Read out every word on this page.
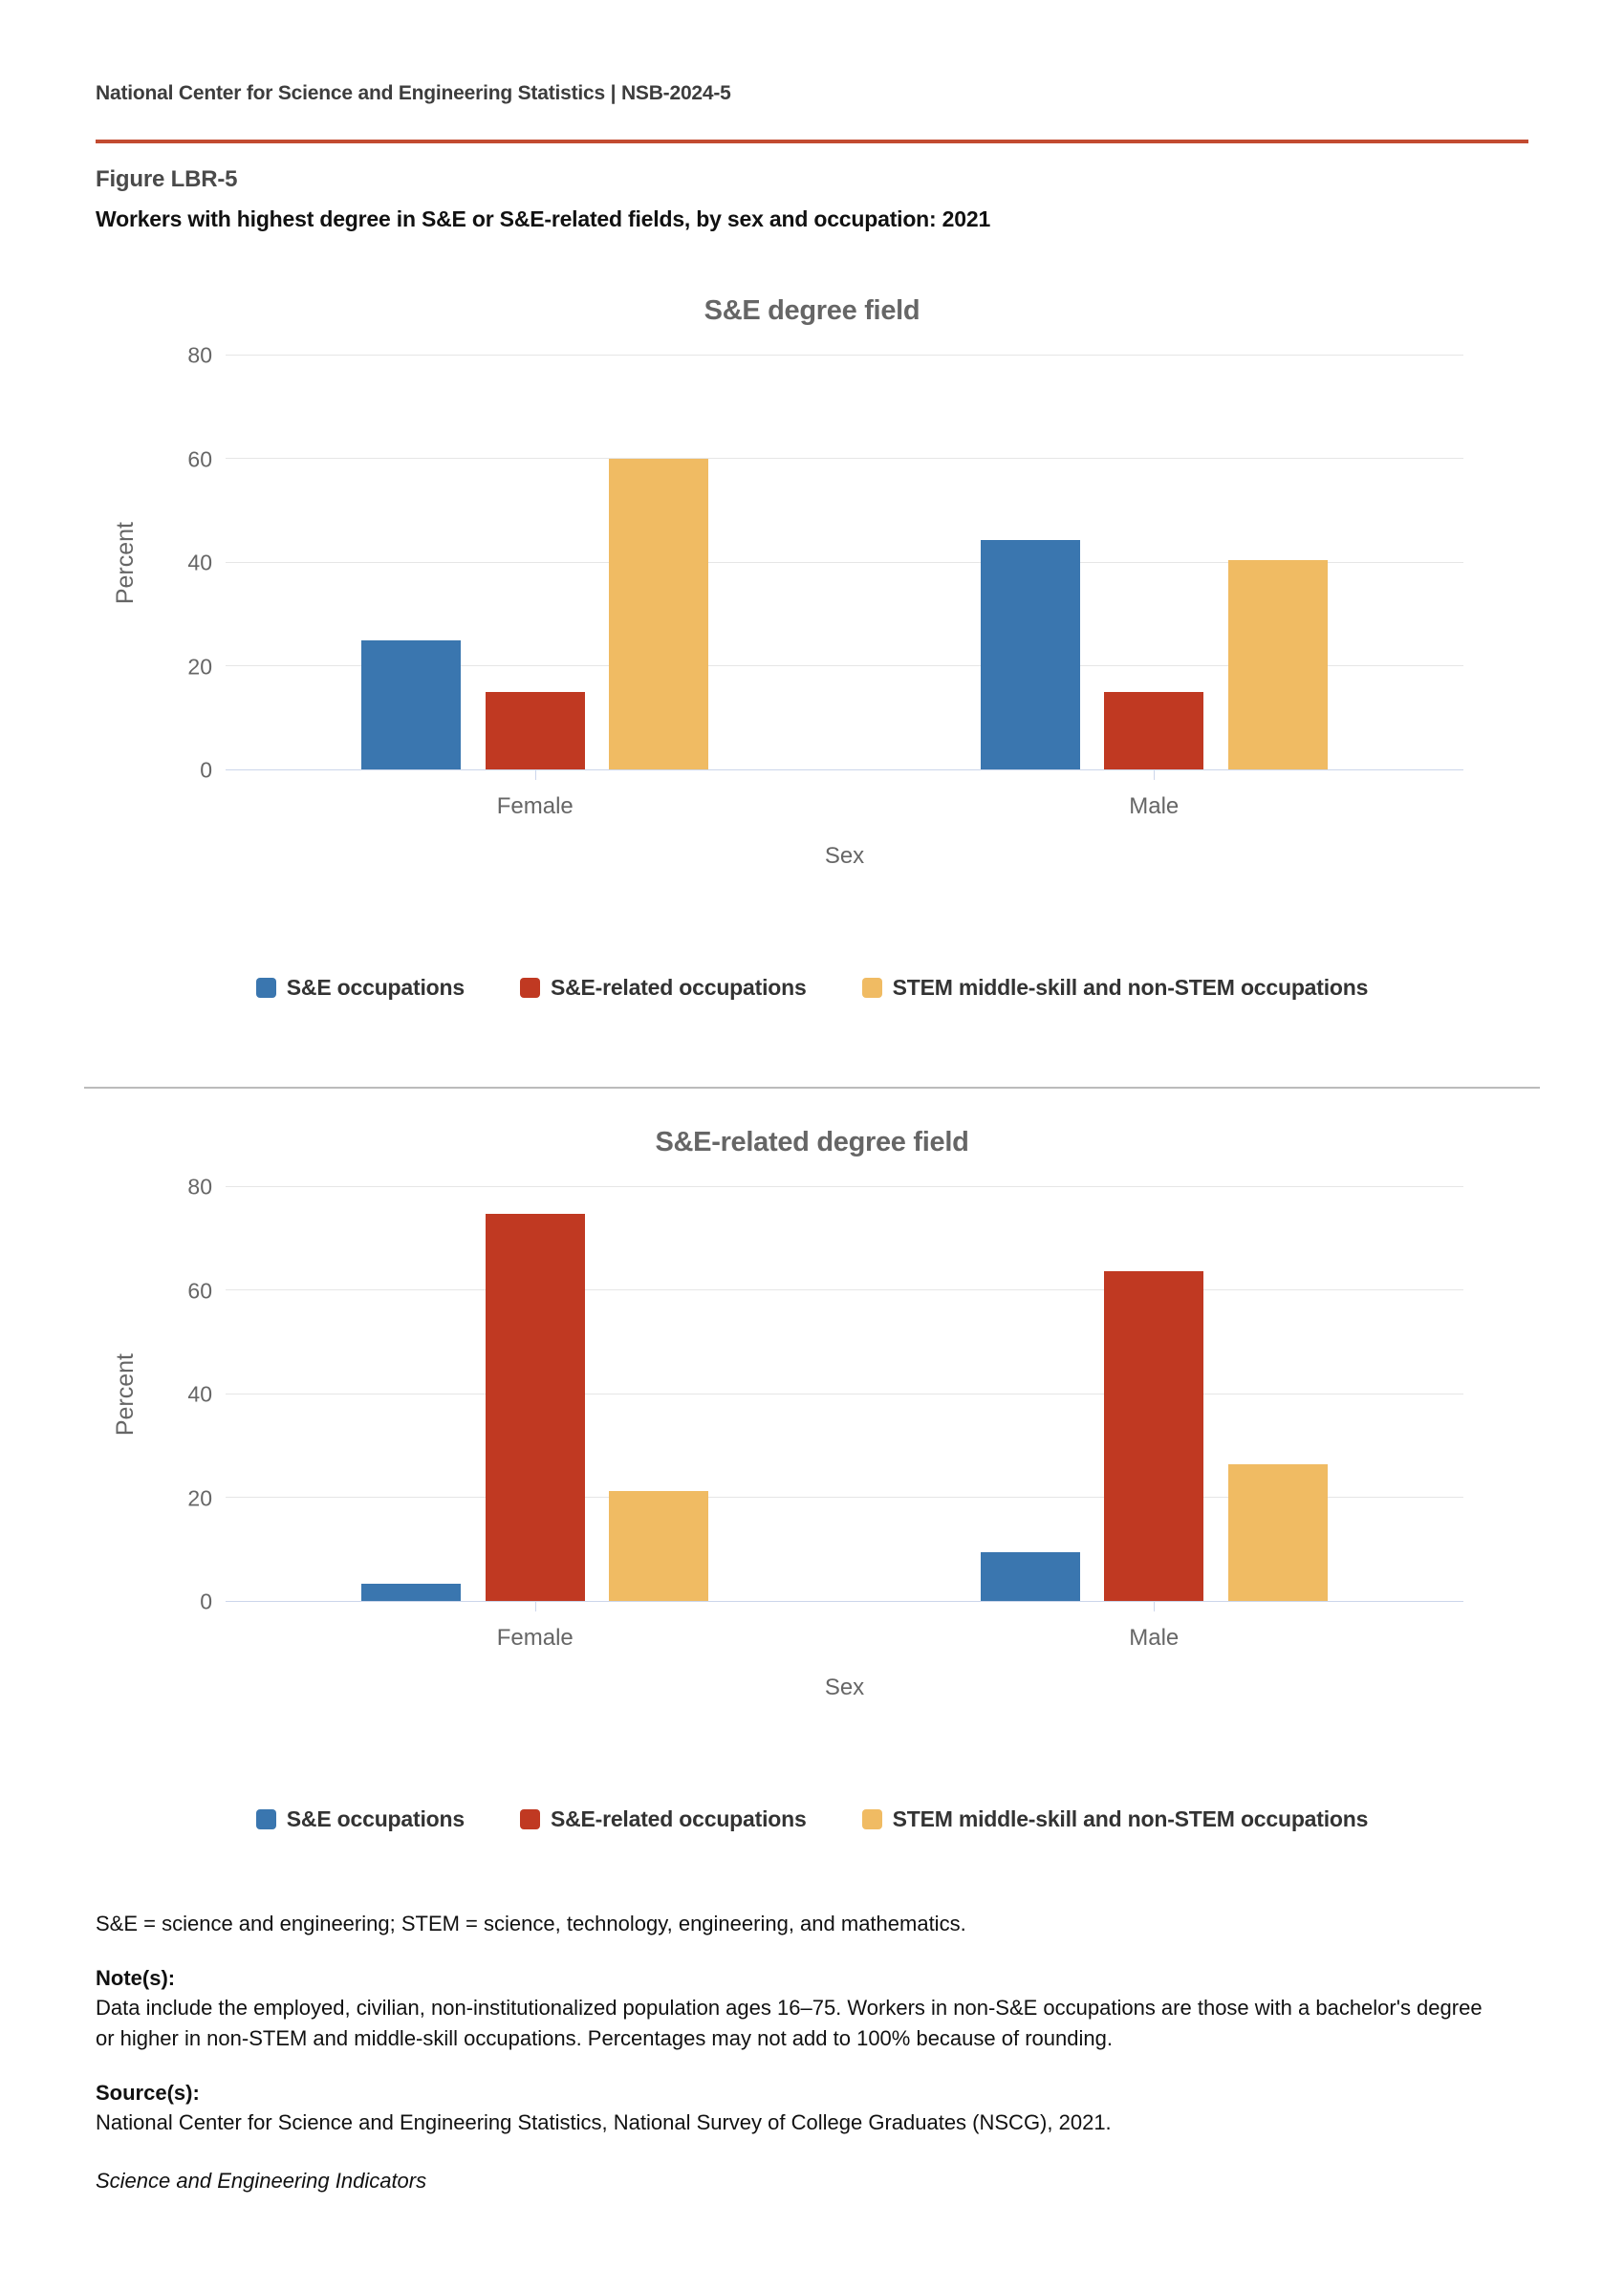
National Center for Science and Engineering Statistics | NSB-2024-5
Figure LBR-5
Workers with highest degree in S&E or S&E-related fields, by sex and occupation: 2021
S&E degree field
Percent
0
20
40
60
80
Female	Male
Sex
S&E occupations	S&E-related occupations	STEM middle-skill and non-STEM occupations
S&E-related degree field
Percent
0
20
40
60
80
Female	Male
Sex
S&E occupations	S&E-related occupations	STEM middle-skill and non-STEM occupations
S&E = science and engineering; STEM = science, technology, engineering, and mathematics.
Note(s):
Data include the employed, civilian, non-institutionalized population ages 16–75. Workers in non-S&E occupations are those with a bachelor's degree or higher in non-STEM and middle-skill occupations. Percentages may not add to 100% because of rounding.
Source(s):
National Center for Science and Engineering Statistics, National Survey of College Graduates (NSCG), 2021.
Science and Engineering Indicators
